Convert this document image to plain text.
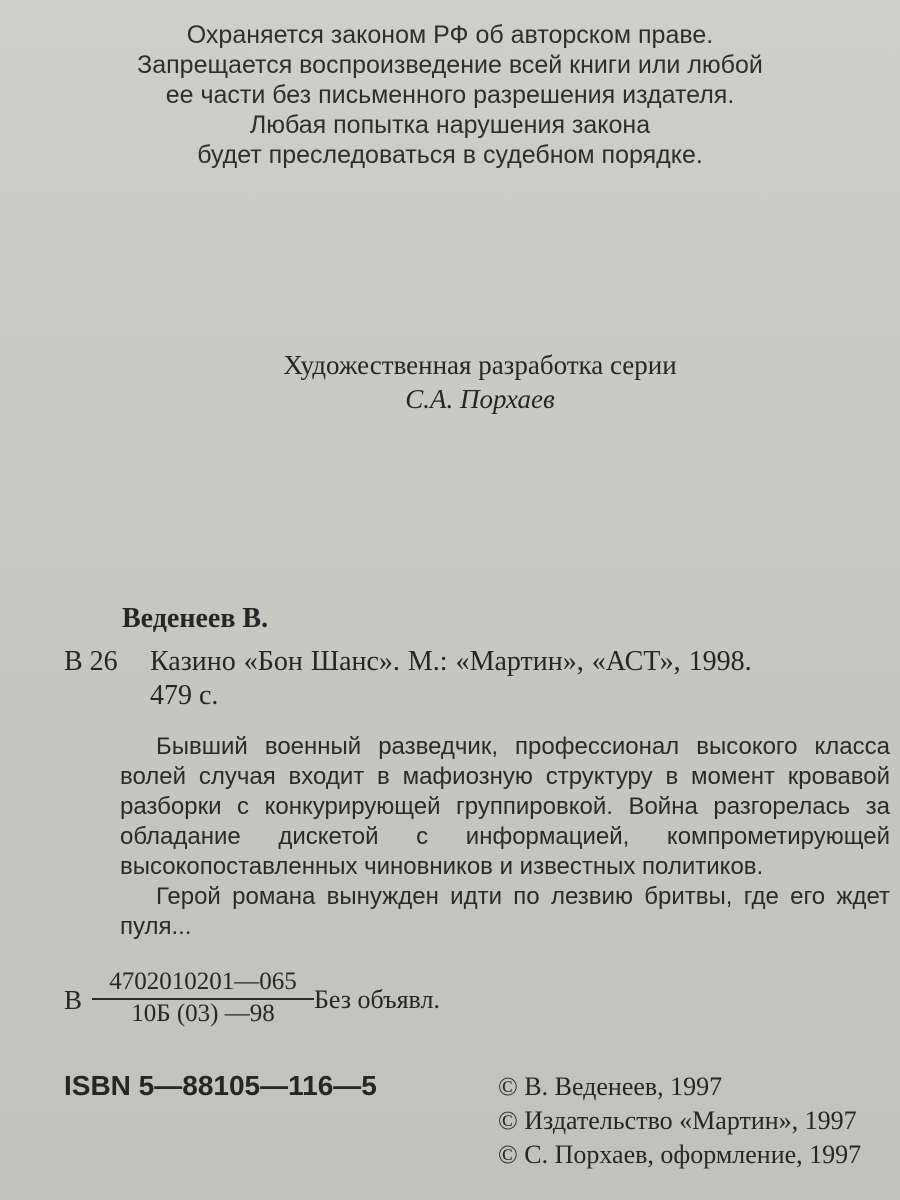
Охраняется законом РФ об авторском праве.
Запрещается воспроизведение всей книги или любой
ее части без письменного разрешения издателя.
Любая попытка нарушения закона
будет преследоваться в судебном порядке.
Художественная разработка серии
С.А. Порхаев
Веденеев В.
В 26 Казино «Бон Шанс». М.: «Мартин», «АСТ», 1998.
479 с.

Бывший военный разведчик, профессионал высокого класса волей случая входит в мафиозную структуру в момент кровавой разборки с конкурирующей группировкой. Война разгорелась за обладание дискетой с информацией, компрометирующей высокопоставленных чиновников и известных политиков.

Герой романа вынужден идти по лезвию бритвы, где его ждет пуля...

В
4702010201—065
10Б (03) —98	Без объявл.
ISBN 5—88105—116—5	© В. Веденеев, 1997
© Издательство «Мартин», 1997
© С. Порхаев, оформление, 1997
